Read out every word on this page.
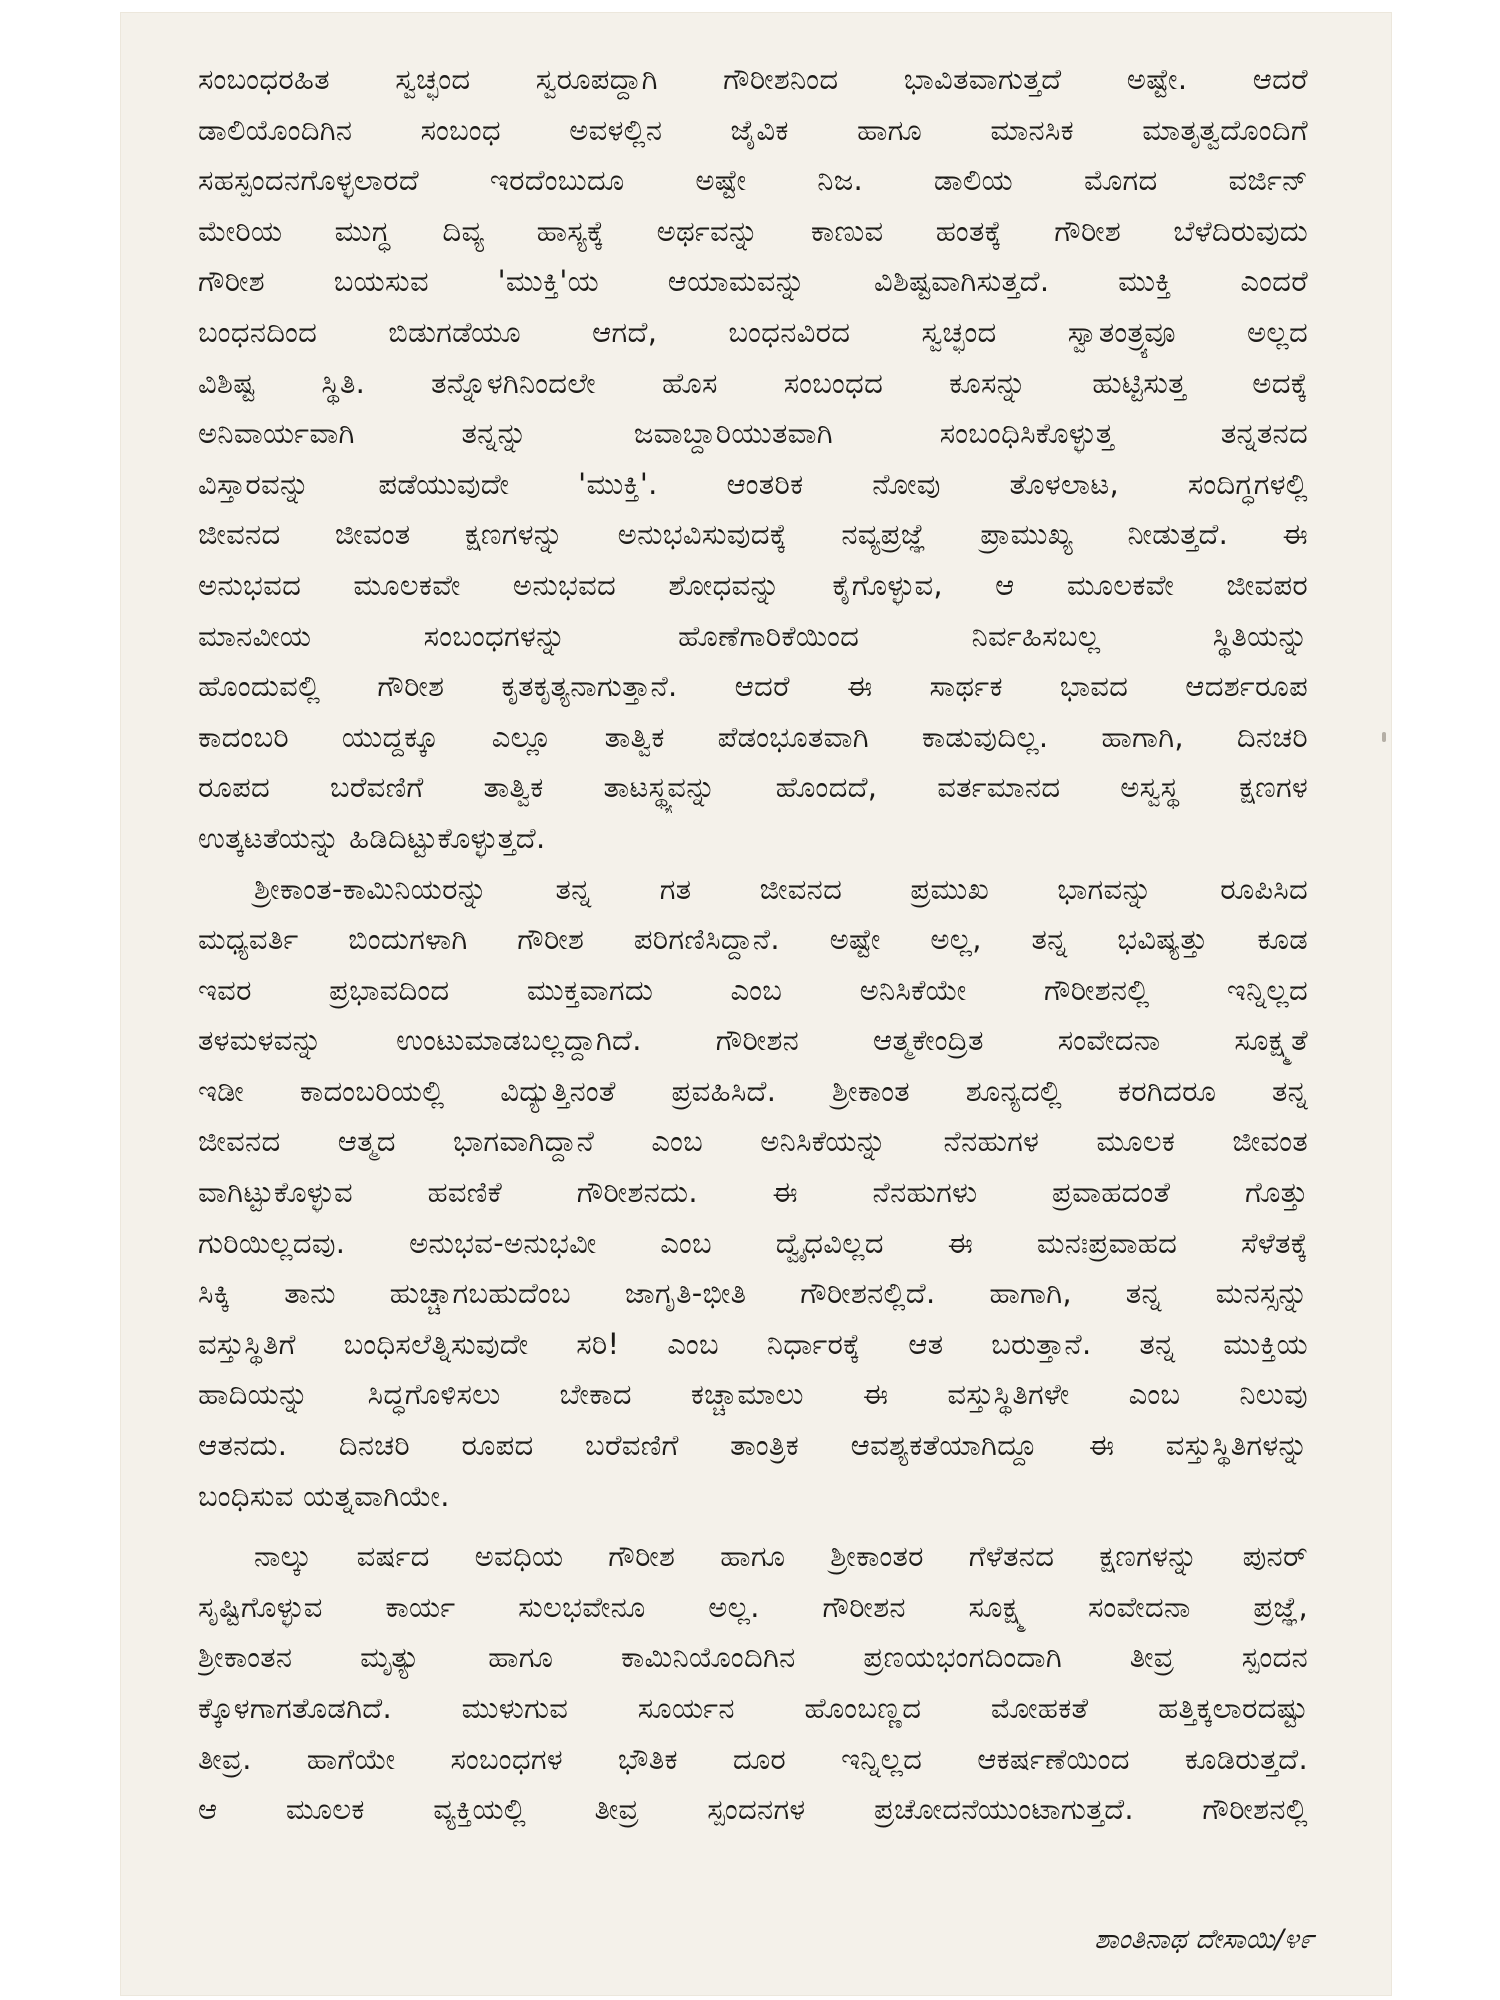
ಸಂಬಂಧರಹಿತ ಸ್ವಚ್ಛಂದ ಸ್ವರೂಪದ್ದಾಗಿ ಗೌರೀಶನಿಂದ ಭಾವಿತವಾಗುತ್ತದೆ ಅಷ್ಟೇ. ಆದರೆ
ಡಾಲಿಯೊಂದಿಗಿನ ಸಂಬಂಧ ಅವಳಲ್ಲಿನ ಜೈವಿಕ ಹಾಗೂ ಮಾನಸಿಕ ಮಾತೃತ್ವದೊಂದಿಗೆ
ಸಹಸ್ಪಂದನಗೊಳ್ಳಲಾರದೆ ಇರದೆಂಬುದೂ ಅಷ್ಟೇ ನಿಜ. ಡಾಲಿಯ ಮೊಗದ ವರ್ಜಿನ್
ಮೇರಿಯ ಮುಗ್ಧ ದಿವ್ಯ ಹಾಸ್ಯಕ್ಕೆ ಅರ್ಥವನ್ನು ಕಾಣುವ ಹಂತಕ್ಕೆ ಗೌರೀಶ ಬೆಳೆದಿರುವುದು
ಗೌರೀಶ ಬಯಸುವ 'ಮುಕ್ತಿ'ಯ ಆಯಾಮವನ್ನು ವಿಶಿಷ್ಟವಾಗಿಸುತ್ತದೆ. ಮುಕ್ತಿ ಎಂದರೆ
ಬಂಧನದಿಂದ ಬಿಡುಗಡೆಯೂ ಆಗದೆ, ಬಂಧನವಿರದ ಸ್ವಚ್ಛಂದ ಸ್ವಾತಂತ್ರ್ಯವೂ ಅಲ್ಲದ
ವಿಶಿಷ್ಟ ಸ್ಥಿತಿ. ತನ್ನೊಳಗಿನಿಂದಲೇ ಹೊಸ ಸಂಬಂಧದ ಕೂಸನ್ನು ಹುಟ್ಟಿಸುತ್ತ ಅದಕ್ಕೆ
ಅನಿವಾರ್ಯವಾಗಿ ತನ್ನನ್ನು ಜವಾಬ್ದಾರಿಯುತವಾಗಿ ಸಂಬಂಧಿಸಿಕೊಳ್ಳುತ್ತ ತನ್ನತನದ
ವಿಸ್ತಾರವನ್ನು ಪಡೆಯುವುದೇ 'ಮುಕ್ತಿ'. ಆಂತರಿಕ ನೋವು ತೊಳಲಾಟ, ಸಂದಿಗ್ಧಗಳಲ್ಲಿ
ಜೀವನದ ಜೀವಂತ ಕ್ಷಣಗಳನ್ನು ಅನುಭವಿಸುವುದಕ್ಕೆ ನವ್ಯಪ್ರಜ್ಞೆ ಪ್ರಾಮುಖ್ಯ ನೀಡುತ್ತದೆ. ಈ
ಅನುಭವದ ಮೂಲಕವೇ ಅನುಭವದ ಶೋಧವನ್ನು ಕೈಗೊಳ್ಳುವ, ಆ ಮೂಲಕವೇ ಜೀವಪರ
ಮಾನವೀಯ ಸಂಬಂಧಗಳನ್ನು ಹೊಣೆಗಾರಿಕೆಯಿಂದ ನಿರ್ವಹಿಸಬಲ್ಲ ಸ್ಥಿತಿಯನ್ನು
ಹೊಂದುವಲ್ಲಿ ಗೌರೀಶ ಕೃತಕೃತ್ಯನಾಗುತ್ತಾನೆ. ಆದರೆ ಈ ಸಾರ್ಥಕ ಭಾವದ ಆದರ್ಶರೂಪ
ಕಾದಂಬರಿ ಯುದ್ದಕ್ಕೂ ಎಲ್ಲೂ ತಾತ್ವಿಕ ಪೆಡಂಭೂತವಾಗಿ ಕಾಡುವುದಿಲ್ಲ. ಹಾಗಾಗಿ, ದಿನಚರಿ
ರೂಪದ ಬರೆವಣಿಗೆ ತಾತ್ವಿಕ ತಾಟಸ್ಥ್ಯವನ್ನು ಹೊಂದದೆ, ವರ್ತಮಾನದ ಅಸ್ವಸ್ಥ ಕ್ಷಣಗಳ
ಉತ್ಕಟತೆಯನ್ನು ಹಿಡಿದಿಟ್ಟುಕೊಳ್ಳುತ್ತದೆ.
ಶ್ರೀಕಾಂತ-ಕಾಮಿನಿಯರನ್ನು ತನ್ನ ಗತ ಜೀವನದ ಪ್ರಮುಖ ಭಾಗವನ್ನು ರೂಪಿಸಿದ
ಮಧ್ಯವರ್ತಿ ಬಿಂದುಗಳಾಗಿ ಗೌರೀಶ ಪರಿಗಣಿಸಿದ್ದಾನೆ. ಅಷ್ಟೇ ಅಲ್ಲ, ತನ್ನ ಭವಿಷ್ಯತ್ತು ಕೂಡ
ಇವರ ಪ್ರಭಾವದಿಂದ ಮುಕ್ತವಾಗದು ಎಂಬ ಅನಿಸಿಕೆಯೇ ಗೌರೀಶನಲ್ಲಿ ಇನ್ನಿಲ್ಲದ
ತಳಮಳವನ್ನು ಉಂಟುಮಾಡಬಲ್ಲದ್ದಾಗಿದೆ. ಗೌರೀಶನ ಆತ್ಮಕೇಂದ್ರಿತ ಸಂವೇದನಾ ಸೂಕ್ಷ್ಮತೆ
ಇಡೀ ಕಾದಂಬರಿಯಲ್ಲಿ ವಿದ್ಯುತ್ತಿನಂತೆ ಪ್ರವಹಿಸಿದೆ. ಶ್ರೀಕಾಂತ ಶೂನ್ಯದಲ್ಲಿ ಕರಗಿದರೂ ತನ್ನ
ಜೀವನದ ಆತ್ಮದ ಭಾಗವಾಗಿದ್ದಾನೆ ಎಂಬ ಅನಿಸಿಕೆಯನ್ನು ನೆನಹುಗಳ ಮೂಲಕ ಜೀವಂತ
ವಾಗಿಟ್ಟುಕೊಳ್ಳುವ ಹವಣಿಕೆ ಗೌರೀಶನದು. ಈ ನೆನಹುಗಳು ಪ್ರವಾಹದಂತೆ ಗೊತ್ತು
ಗುರಿಯಿಲ್ಲದವು. ಅನುಭವ-ಅನುಭವೀ ಎಂಬ ದ್ವೈಧವಿಲ್ಲದ ಈ ಮನಃಪ್ರವಾಹದ ಸೆಳೆತಕ್ಕೆ
ಸಿಕ್ಕಿ ತಾನು ಹುಚ್ಚಾಗಬಹುದೆಂಬ ಜಾಗೃತಿ-ಭೀತಿ ಗೌರೀಶನಲ್ಲಿದೆ. ಹಾಗಾಗಿ, ತನ್ನ ಮನಸ್ಸನ್ನು
ವಸ್ತುಸ್ಥಿತಿಗೆ ಬಂಧಿಸಲೆತ್ನಿಸುವುದೇ ಸರಿ! ಎಂಬ ನಿರ್ಧಾರಕ್ಕೆ ಆತ ಬರುತ್ತಾನೆ. ತನ್ನ ಮುಕ್ತಿಯ
ಹಾದಿಯನ್ನು ಸಿದ್ಧಗೊಳಿಸಲು ಬೇಕಾದ ಕಚ್ಚಾಮಾಲು ಈ ವಸ್ತುಸ್ಥಿತಿಗಳೇ ಎಂಬ ನಿಲುವು
ಆತನದು. ದಿನಚರಿ ರೂಪದ ಬರೆವಣಿಗೆ ತಾಂತ್ರಿಕ ಆವಶ್ಯಕತೆಯಾಗಿದ್ದೂ ಈ ವಸ್ತುಸ್ಥಿತಿಗಳನ್ನು
ಬಂಧಿಸುವ ಯತ್ನವಾಗಿಯೇ.
ನಾಲ್ಕು ವರ್ಷದ ಅವಧಿಯ ಗೌರೀಶ ಹಾಗೂ ಶ್ರೀಕಾಂತರ ಗೆಳೆತನದ ಕ್ಷಣಗಳನ್ನು ಪುನರ್
ಸೃಷ್ಟಿಗೊಳ್ಳುವ ಕಾರ್ಯ ಸುಲಭವೇನೂ ಅಲ್ಲ. ಗೌರೀಶನ ಸೂಕ್ಷ್ಮ ಸಂವೇದನಾ ಪ್ರಜ್ಞೆ,
ಶ್ರೀಕಾಂತನ ಮೃತ್ಯು ಹಾಗೂ ಕಾಮಿನಿಯೊಂದಿಗಿನ ಪ್ರಣಯಭಂಗದಿಂದಾಗಿ ತೀವ್ರ ಸ್ಪಂದನ
ಕ್ಕೊಳಗಾಗತೊಡಗಿದೆ. ಮುಳುಗುವ ಸೂರ್ಯನ ಹೊಂಬಣ್ಣದ ಮೋಹಕತೆ ಹತ್ತಿಕ್ಕಲಾರದಷ್ಟು
ತೀವ್ರ. ಹಾಗೆಯೇ ಸಂಬಂಧಗಳ ಭೌತಿಕ ದೂರ ಇನ್ನಿಲ್ಲದ ಆಕರ್ಷಣೆಯಿಂದ ಕೂಡಿರುತ್ತದೆ.
ಆ ಮೂಲಕ ವ್ಯಕ್ತಿಯಲ್ಲಿ ತೀವ್ರ ಸ್ಪಂದನಗಳ ಪ್ರಚೋದನೆಯುಂಟಾಗುತ್ತದೆ. ಗೌರೀಶನಲ್ಲಿ
ಶಾಂತಿನಾಥ ದೇಸಾಯಿ/೪೯
